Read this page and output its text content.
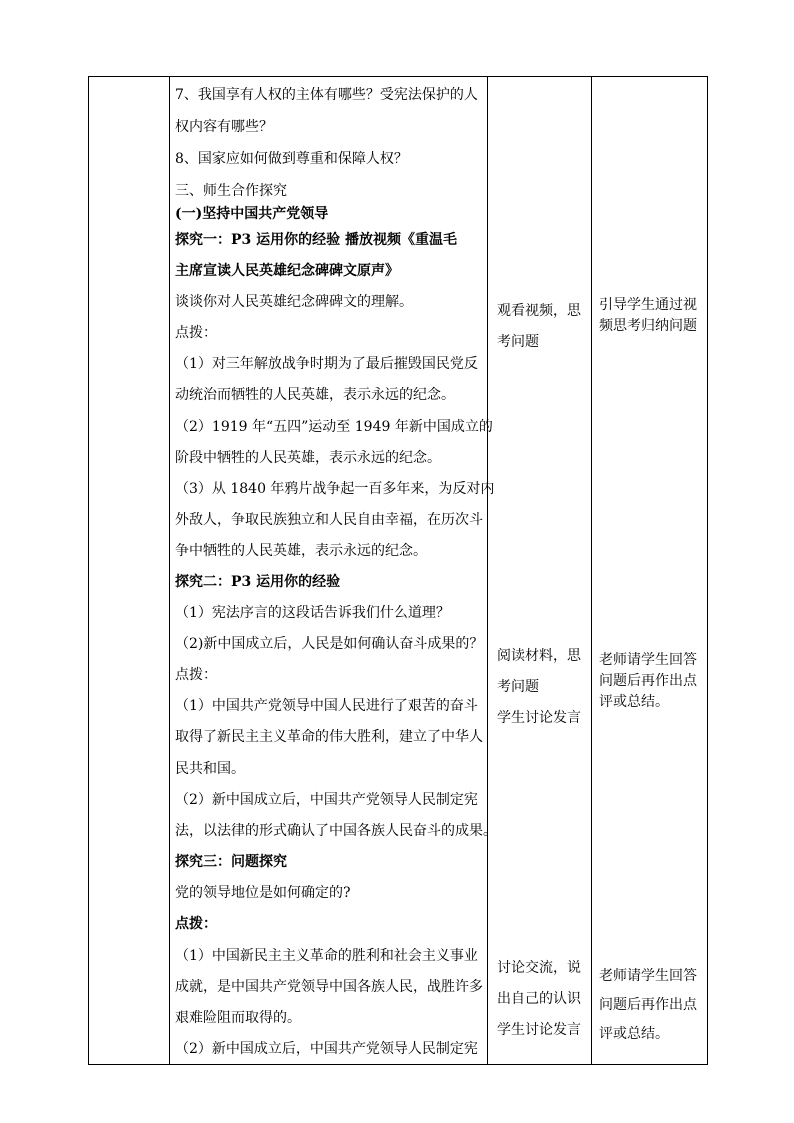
7、我国享有人权的主体有哪些？受宪法保护的人
权内容有哪些？
8、国家应如何做到尊重和保障人权？
三、师生合作探究
(一)坚持中国共产党领导
探究一：P3 运用你的经验 播放视频《重温毛
主席宣读人民英雄纪念碑碑文原声》
谈谈你对人民英雄纪念碑碑文的理解。
点拨：
（1）对三年解放战争时期为了最后摧毁国民党反
动统治而牺牲的人民英雄，表示永远的纪念。
（2）1919 年“五四”运动至 1949 年新中国成立的
阶段中牺牲的人民英雄，表示永远的纪念。
（3）从 1840 年鸦片战争起一百多年来，为反对内
外敌人，争取民族独立和人民自由幸福，在历次斗
争中牺牲的人民英雄，表示永远的纪念。
探究二：P3 运用你的经验
（1）宪法序言的这段话告诉我们什么道理？
（2)新中国成立后，人民是如何确认奋斗成果的？
点拨：
（1）中国共产党领导中国人民进行了艰苦的奋斗
取得了新民主主义革命的伟大胜利，建立了中华人
民共和国。
（2）新中国成立后，中国共产党领导人民制定宪
法，以法律的形式确认了中国各族人民奋斗的成果。
探究三：问题探究
党的领导地位是如何确定的?
点拨：
（1）中国新民主主义革命的胜利和社会主义事业
成就，是中国共产党领导中国各族人民，战胜许多
艰难险阻而取得的。
（2）新中国成立后，中国共产党领导人民制定宪
观看视频，思
考问题
阅读材料，思
考问题
学生讨论发言
讨论交流，说
出自己的认识
学生讨论发言
引导学生通过视
频思考归纳问题
老师请学生回答
问题后再作出点
评或总结。
老师请学生回答
问题后再作出点
评或总结。
